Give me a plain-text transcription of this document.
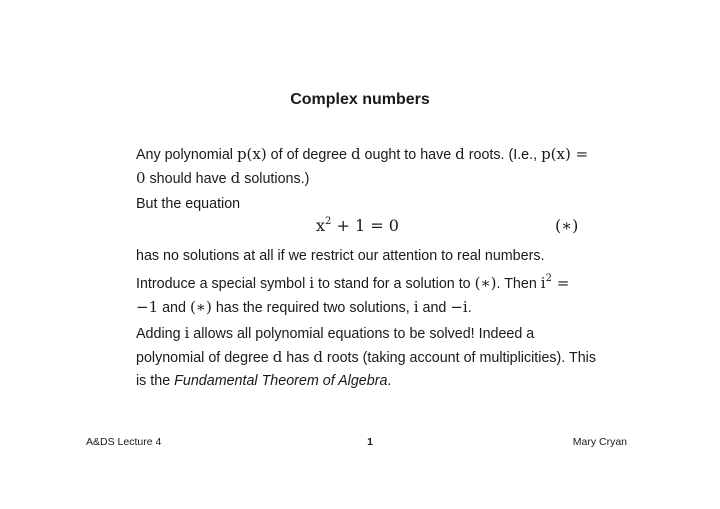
Complex numbers
Any polynomial p(x) of of degree d ought to have d roots. (I.e., p(x) = 0 should have d solutions.)
But the equation
$x^2 + 1 = 0$	(∗)
has no solutions at all if we restrict our attention to real numbers.
Introduce a special symbol i to stand for a solution to (∗). Then $i^2 = -1$ and (∗) has the required two solutions, i and −i.
Adding i allows all polynomial equations to be solved! Indeed a polynomial of degree d has d roots (taking account of multiplicities). This is the Fundamental Theorem of Algebra.
A&DS Lecture 4	1	Mary Cryan
